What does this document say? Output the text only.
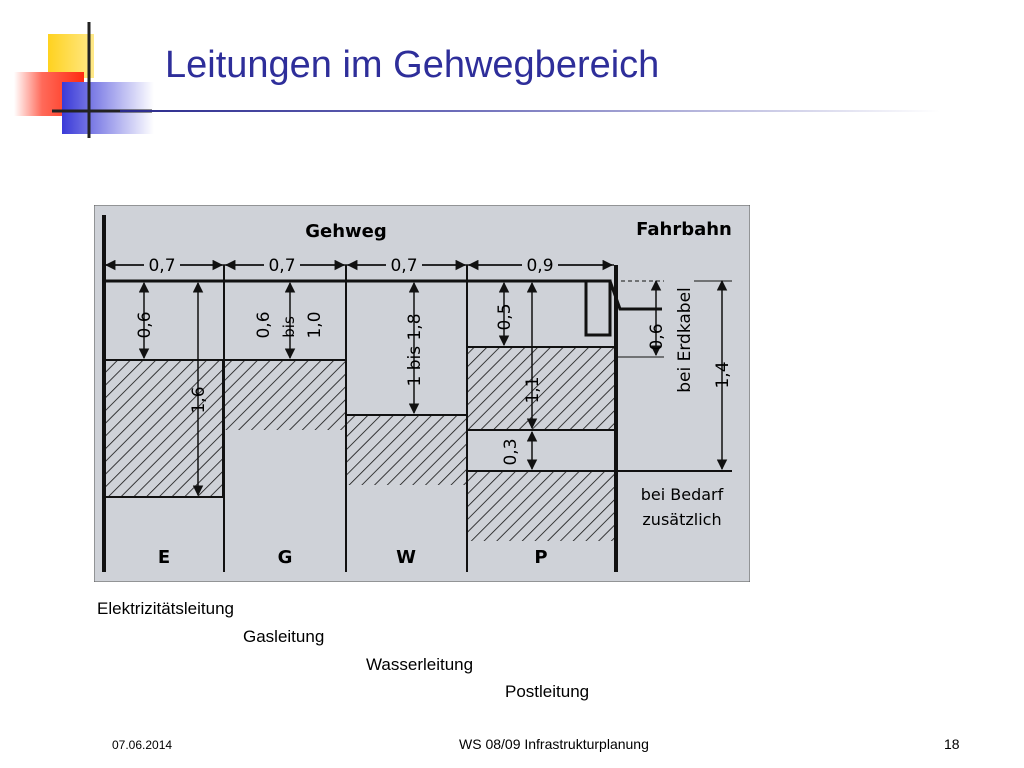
Leitungen im Gehwegbereich
Gehweg	Fahrbahn
0,7	0,7	0,7	0,9
0,6
1,6
0,6 bis 1,0	1 bis 1,8	0,5
1,1
0,3
0,6 bei Erdkabel 1,4
bei Bedarf
zusätzlich
E	G	W	P
Elektrizitätsleitung
Gasleitung
Wasserleitung
Postleitung
07.06.2014	WS 08/09 Infrastrukturplanung	18
